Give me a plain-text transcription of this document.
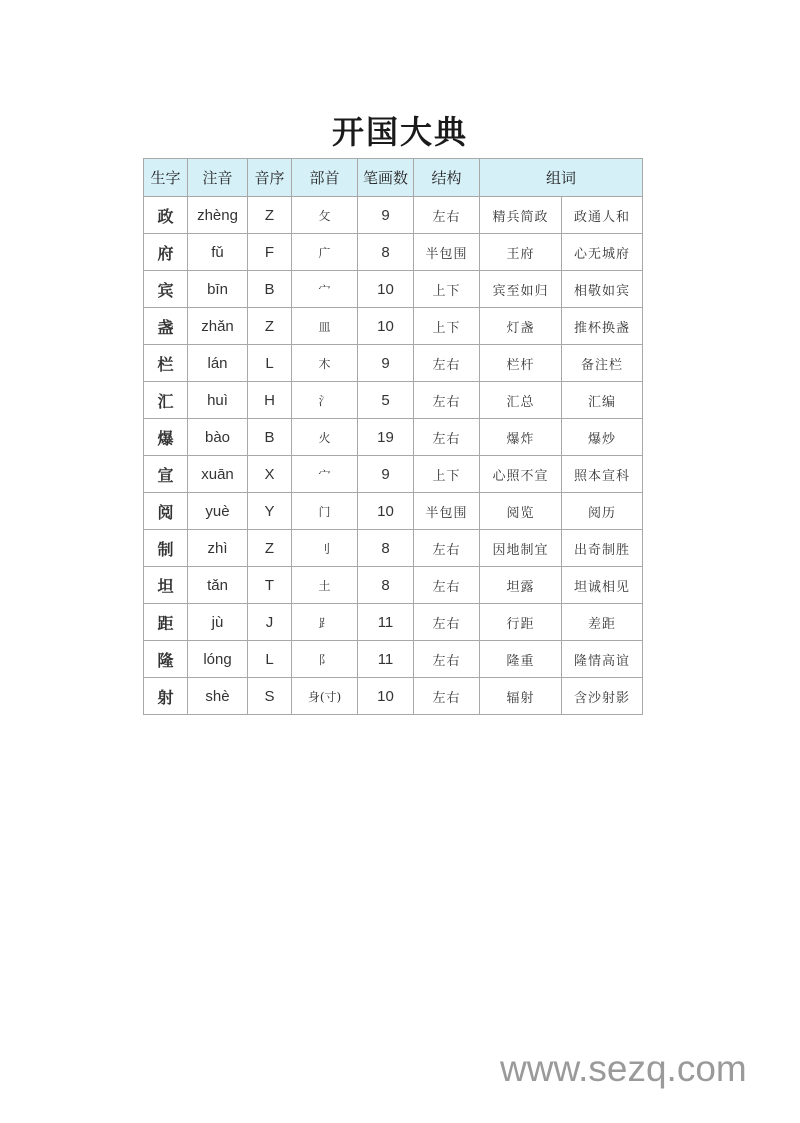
开国大典
生字	注音	音序	部首	笔画数	结构	组词	
政	zhèng	Z	攵	9	左右	精兵简政	政通人和
府	fǔ	F	广	8	半包围	王府	心无城府
宾	bīn	B	宀	10	上下	宾至如归	相敬如宾
盏	zhǎn	Z	皿	10	上下	灯盏	推杯换盏
栏	lán	L	木	9	左右	栏杆	备注栏
汇	huì	H	氵	5	左右	汇总	汇编
爆	bào	B	火	19	左右	爆炸	爆炒
宣	xuān	X	宀	9	上下	心照不宣	照本宣科
阅	yuè	Y	门	10	半包围	阅览	阅历
制	zhì	Z	刂	8	左右	因地制宜	出奇制胜
坦	tǎn	T	土	8	左右	坦露	坦诚相见
距	jù	J	⻊	11	左右	行距	差距
隆	lóng	L	阝	11	左右	隆重	隆情高谊
射	shè	S	身(寸)	10	左右	辐射	含沙射影
www.sezq.com
